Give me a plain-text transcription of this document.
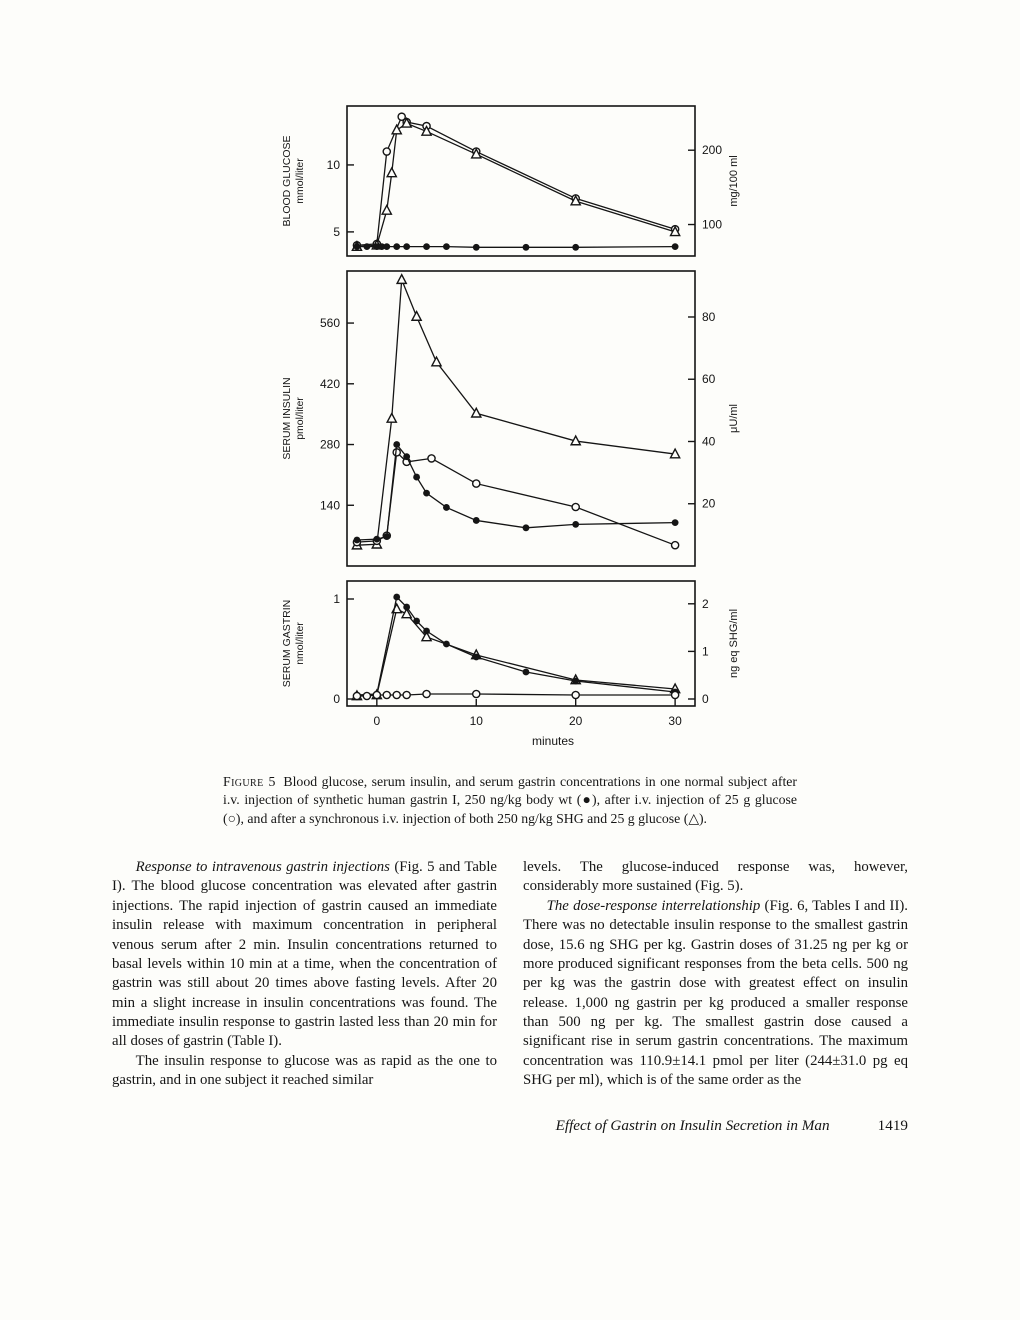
5
10
100
200
BLOOD GLUCOSE mmol/liter	mg/100 ml
140
280
420
560
20
40
60
80
SERUM INSULIN pmol/liter	μU/ml
0
1
0
1
2
0	10	20	30
minutes
SERUM GASTRIN nmol/liter	ng eq SHG/ml
Figure 5 Blood glucose, serum insulin, and serum gastrin concentrations in one normal subject after i.v. injection of synthetic human gastrin I, 250 ng/kg body wt (●), after i.v. injection of 25 g glucose (○), and after a synchronous i.v. injection of both 250 ng/kg SHG and 25 g glucose (△).

Response to intravenous gastrin injections (Fig. 5 and Table I). The blood glucose concentration was elevated after gastrin injections. The rapid injection of gastrin caused an immediate insulin release with maximum concentration in peripheral venous serum after 2 min. Insulin concentrations returned to basal levels within 10 min at a time, when the concentration of gastrin was still about 20 times above fasting levels. After 20 min a slight increase in insulin concentrations was found. The immediate insulin response to gastrin lasted less than 20 min for all doses of gastrin (Table I).

The insulin response to glucose was as rapid as the one to gastrin, and in one subject it reached similar

levels. The glucose-induced response was, however, considerably more sustained (Fig. 5).

The dose-response interrelationship (Fig. 6, Tables I and II). There was no detectable insulin response to the smallest gastrin dose, 15.6 ng SHG per kg. Gastrin doses of 31.25 ng per kg or more produced significant responses from the beta cells. 500 ng per kg was the gastrin dose with greatest effect on insulin release. 1,000 ng gastrin per kg produced a smaller response than 500 ng per kg. The smallest gastrin dose caused a significant rise in serum gastrin concentrations. The maximum concentration was 110.9±14.1 pmol per liter (244±31.0 pg eq SHG per ml), which is of the same order as the

Effect of Gastrin on Insulin Secretion in Man	1419
